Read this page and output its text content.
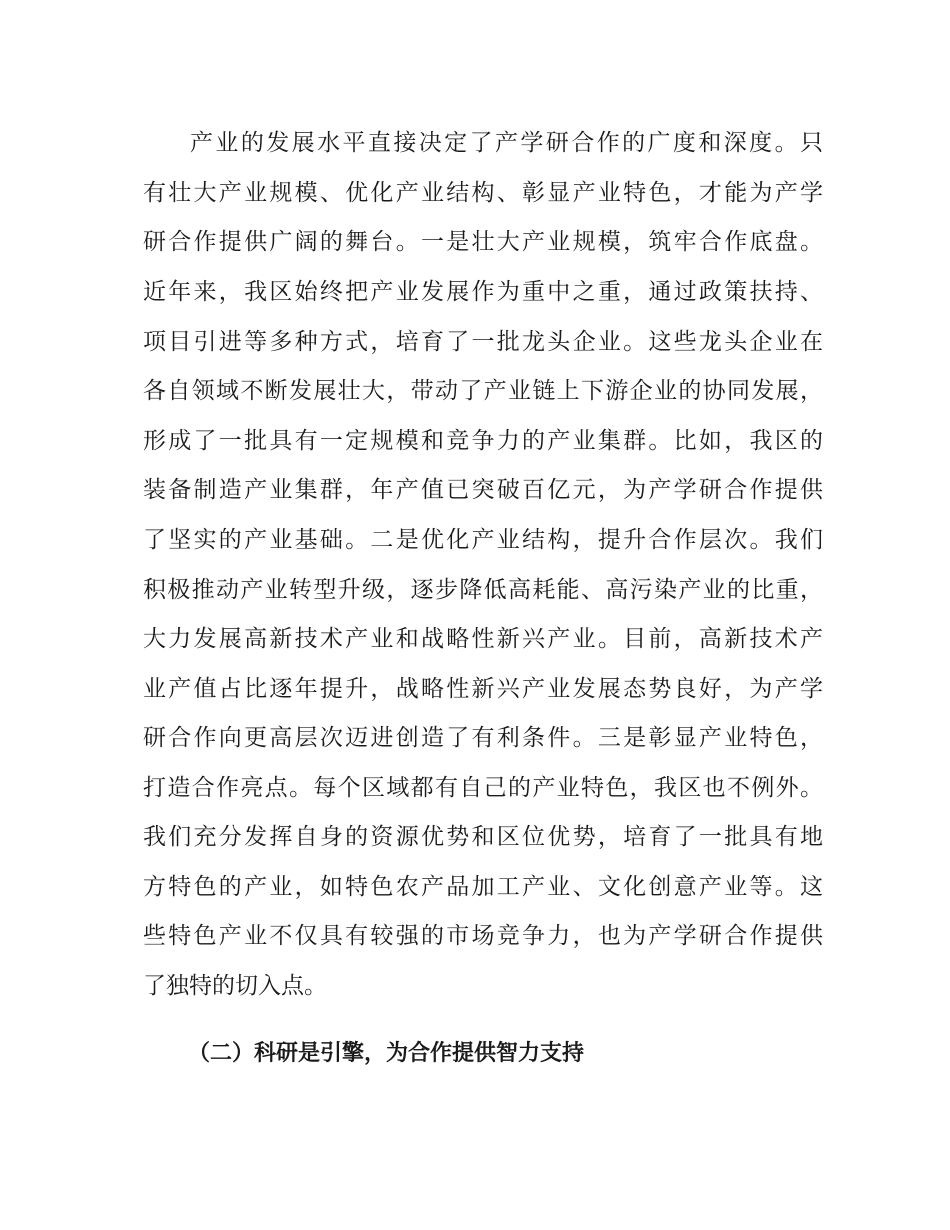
产业的发展水平直接决定了产学研合作的广度和深度。只
有壮大产业规模、优化产业结构、彰显产业特色，才能为产学
研合作提供广阔的舞台。一是壮大产业规模，筑牢合作底盘。
近年来，我区始终把产业发展作为重中之重，通过政策扶持、
项目引进等多种方式，培育了一批龙头企业。这些龙头企业在
各自领域不断发展壮大，带动了产业链上下游企业的协同发展，
形成了一批具有一定规模和竞争力的产业集群。比如，我区的
装备制造产业集群，年产值已突破百亿元，为产学研合作提供
了坚实的产业基础。二是优化产业结构，提升合作层次。我们
积极推动产业转型升级，逐步降低高耗能、高污染产业的比重，
大力发展高新技术产业和战略性新兴产业。目前，高新技术产
业产值占比逐年提升，战略性新兴产业发展态势良好，为产学
研合作向更高层次迈进创造了有利条件。三是彰显产业特色，
打造合作亮点。每个区域都有自己的产业特色，我区也不例外。
我们充分发挥自身的资源优势和区位优势，培育了一批具有地
方特色的产业，如特色农产品加工产业、文化创意产业等。这
些特色产业不仅具有较强的市场竞争力，也为产学研合作提供
了独特的切入点。
（二）科研是引擎，为合作提供智力支持
